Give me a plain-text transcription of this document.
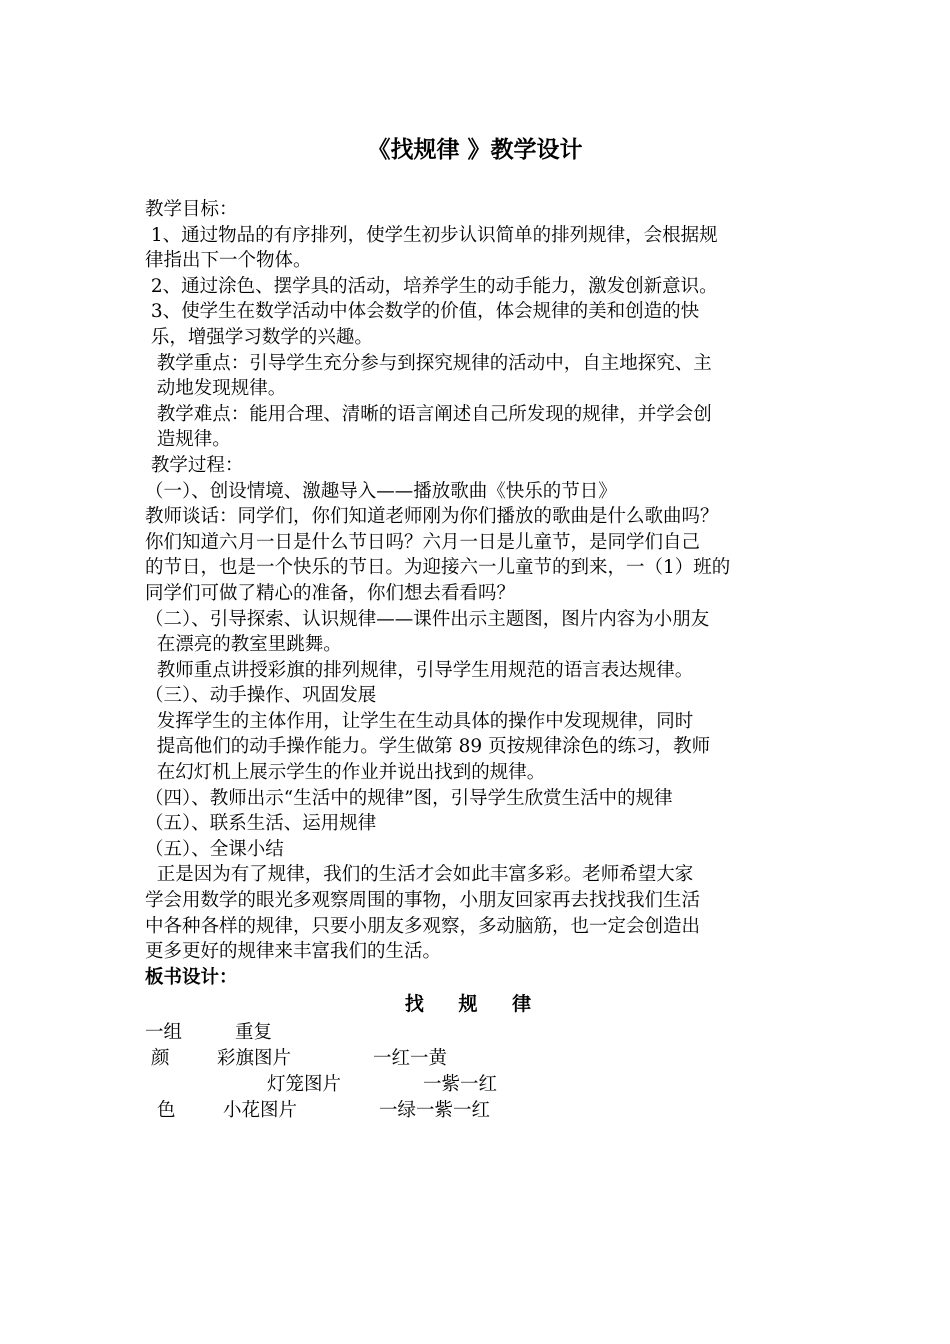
《找规律 》教学设计
教学目标：
1、通过物品的有序排列，使学生初步认识简单的排列规律，会根据规
律指出下一个物体。
2、通过涂色、摆学具的活动，培养学生的动手能力，激发创新意识。
3、使学生在数学活动中体会数学的价值，体会规律的美和创造的快
乐，增强学习数学的兴趣。
教学重点：引导学生充分参与到探究规律的活动中，自主地探究、主
动地发现规律。
教学难点：能用合理、清晰的语言阐述自己所发现的规律，并学会创
造规律。
教学过程：
（一）、创设情境、激趣导入——播放歌曲《快乐的节日》
教师谈话：同学们，你们知道老师刚为你们播放的歌曲是什么歌曲吗？
你们知道六月一日是什么节日吗？六月一日是儿童节，是同学们自己
的节日，也是一个快乐的节日。为迎接六一儿童节的到来，一（1）班的
同学们可做了精心的准备，你们想去看看吗？
（二）、引导探索、认识规律——课件出示主题图，图片内容为小朋友
在漂亮的教室里跳舞。
教师重点讲授彩旗的排列规律，引导学生用规范的语言表达规律。
（三）、动手操作、巩固发展
发挥学生的主体作用，让学生在生动具体的操作中发现规律，同时
提高他们的动手操作能力。学生做第 89 页按规律涂色的练习，教师
在幻灯机上展示学生的作业并说出找到的规律。
（四）、教师出示“生活中的规律”图，引导学生欣赏生活中的规律
（五）、联系生活、运用规律
（五）、全课小结
正是因为有了规律，我们的生活才会如此丰富多彩。老师希望大家
学会用数学的眼光多观察周围的事物，小朋友回家再去找找我们生活
中各种各样的规律，只要小朋友多观察，多动脑筋，也一定会创造出
更多更好的规律来丰富我们的生活。
板书设计：
找 规 律
一组	重复
颜	彩旗图片	一红一黄
灯笼图片	一紫一红
色	小花图片	一绿一紫一红
